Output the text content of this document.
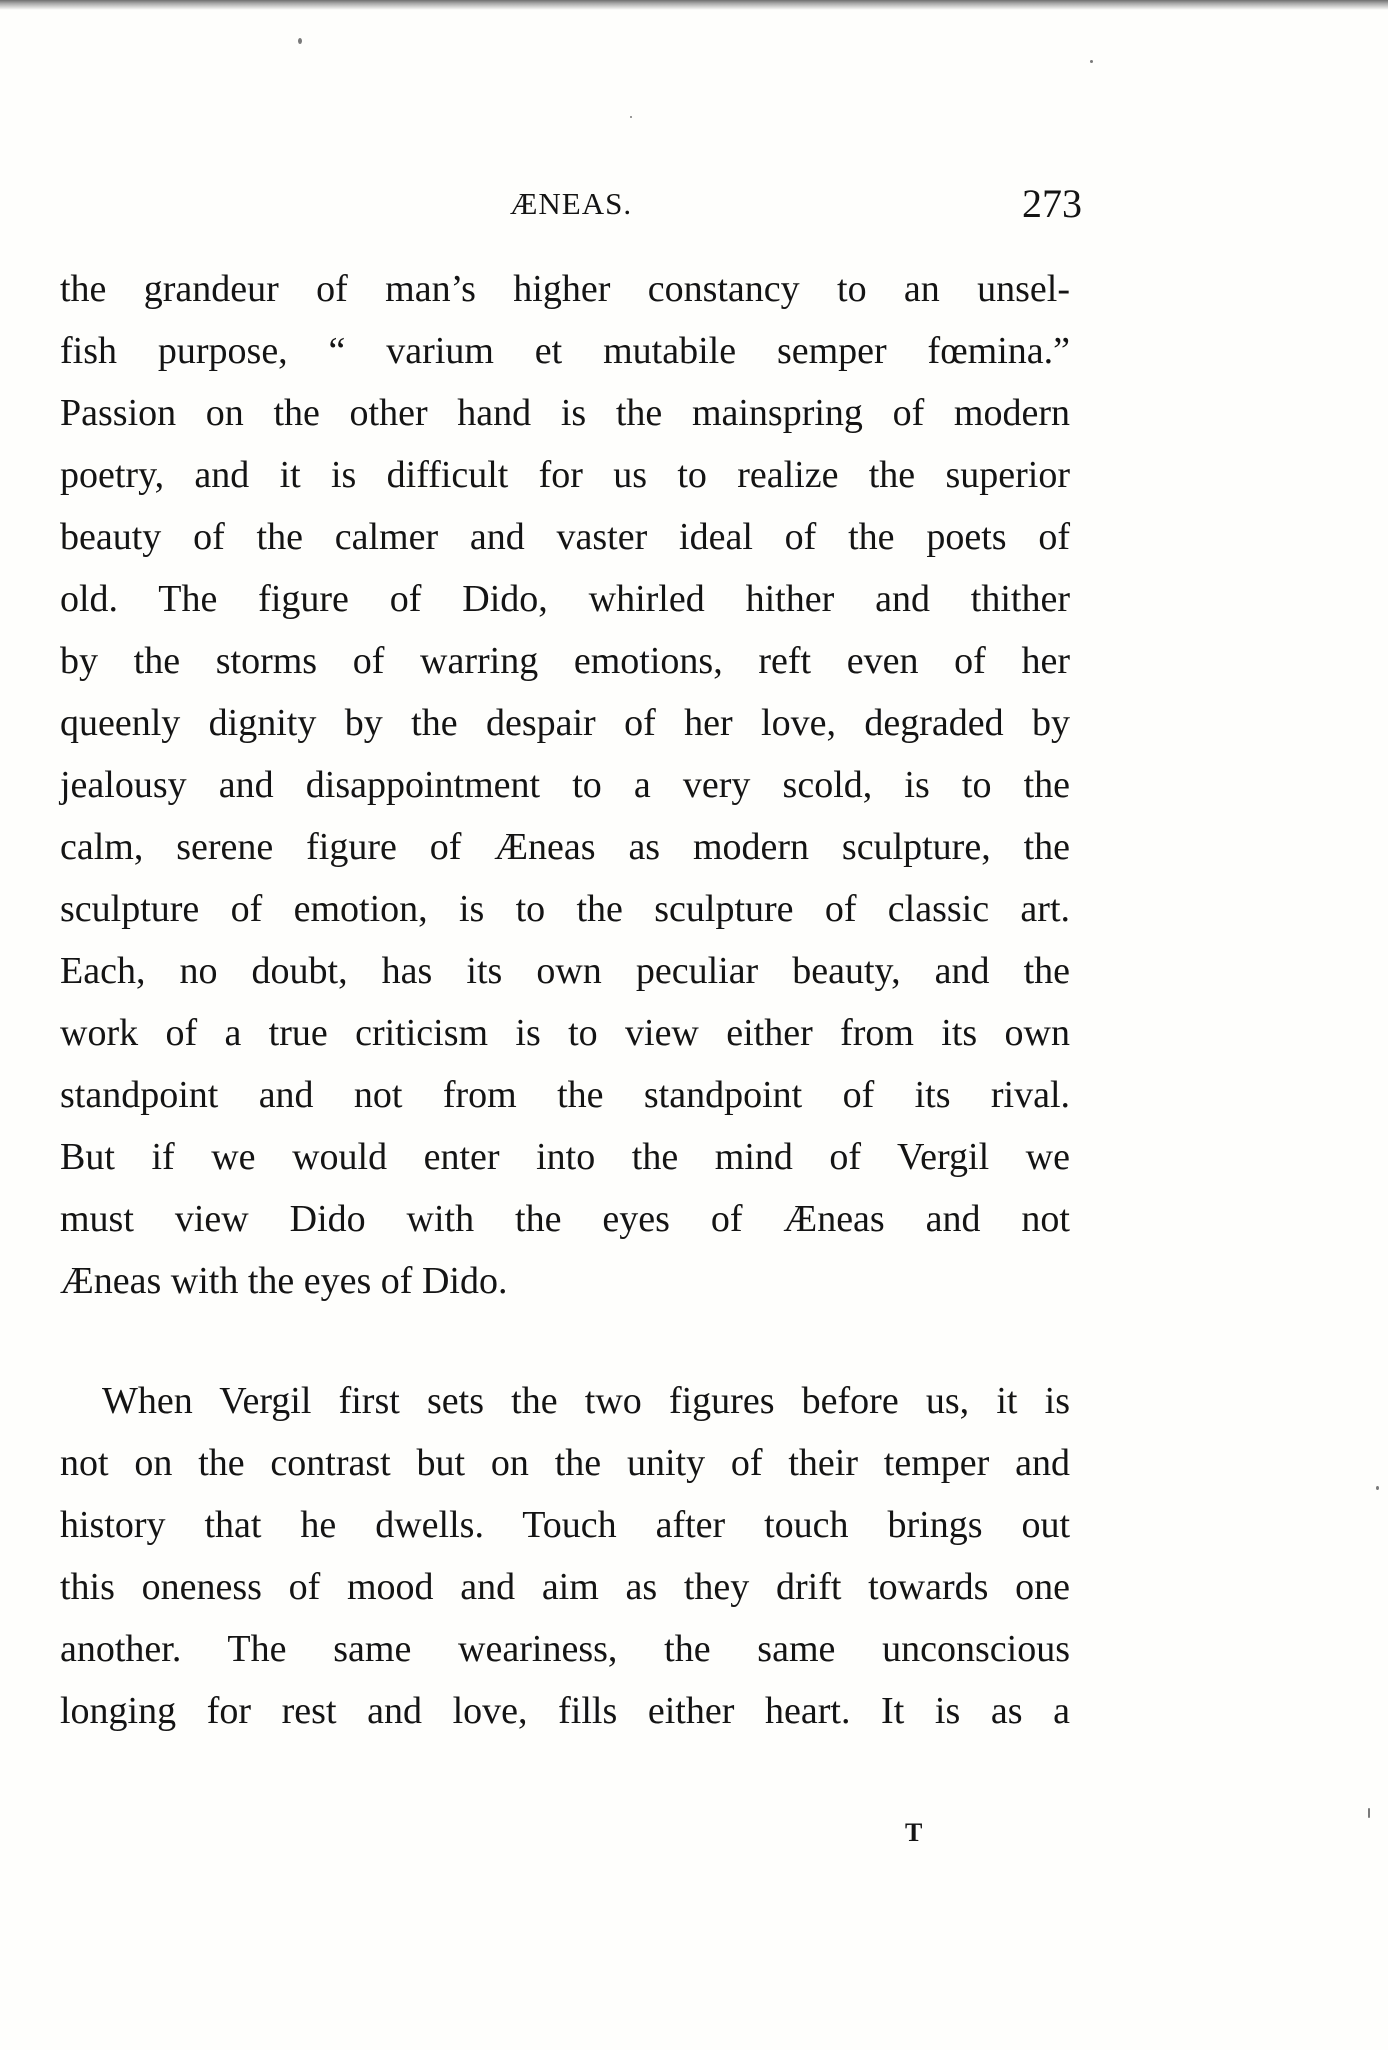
ÆNEAS.	273
the grandeur of man’s higher constancy to an unsel-
fish purpose, “ varium et mutabile semper fœmina.”
Passion on the other hand is the mainspring of modern
poetry, and it is difficult for us to realize the superior
beauty of the calmer and vaster ideal of the poets of
old. The figure of Dido, whirled hither and thither
by the storms of warring emotions, reft even of her
queenly dignity by the despair of her love, degraded by
jealousy and disappointment to a very scold, is to the
calm, serene figure of Æneas as modern sculpture, the
sculpture of emotion, is to the sculpture of classic art.
Each, no doubt, has its own peculiar beauty, and the
work of a true criticism is to view either from its own
standpoint and not from the standpoint of its rival.
But if we would enter into the mind of Vergil we
must view Dido with the eyes of Æneas and not
Æneas with the eyes of Dido.
When Vergil first sets the two figures before us, it is
not on the contrast but on the unity of their temper and
history that he dwells. Touch after touch brings out
this oneness of mood and aim as they drift towards one
another. The same weariness, the same unconscious
longing for rest and love, fills either heart. It is as a
T
